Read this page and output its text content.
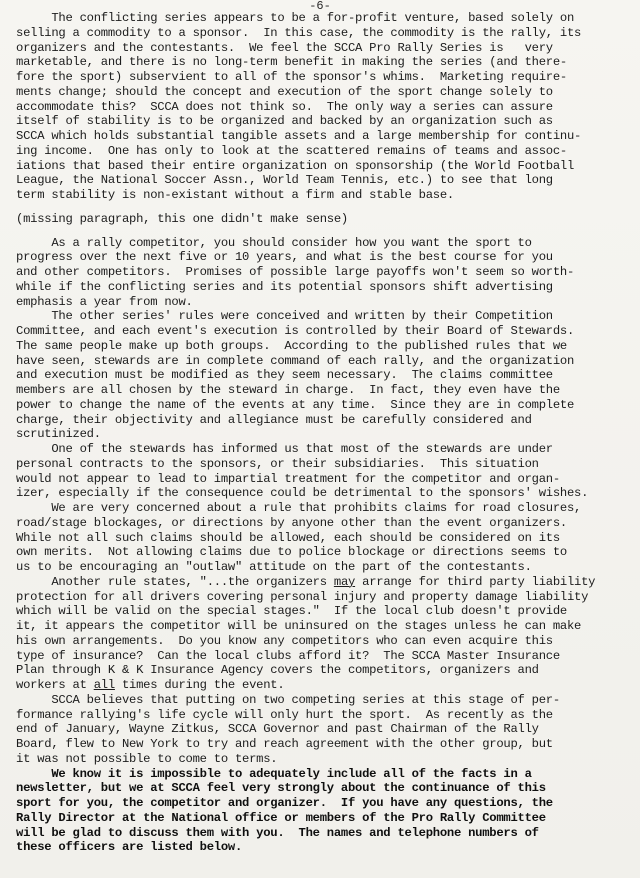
-6-
The conflicting series appears to be a for-profit venture, based solely on
selling a commodity to a sponsor.  In this case, the commodity is the rally, its
organizers and the contestants.  We feel the SCCA Pro Rally Series is   very
marketable, and there is no long-term benefit in making the series (and there-
fore the sport) subservient to all of the sponsor's whims.  Marketing require-
ments change; should the concept and execution of the sport change solely to
accommodate this?  SCCA does not think so.  The only way a series can assure
itself of stability is to be organized and backed by an organization such as
SCCA which holds substantial tangible assets and a large membership for continu-
ing income.  One has only to look at the scattered remains of teams and assoc-
iations that based their entire organization on sponsorship (the World Football
League, the National Soccer Assn., World Team Tennis, etc.) to see that long
term stability is non-existant without a firm and stable base.
(missing paragraph, this one didn't make sense)
As a rally competitor, you should consider how you want the sport to
progress over the next five or 10 years, and what is the best course for you
and other competitors.  Promises of possible large payoffs won't seem so worth-
while if the conflicting series and its potential sponsors shift advertising
emphasis a year from now.
The other series' rules were conceived and written by their Competition
Committee, and each event's execution is controlled by their Board of Stewards.
The same people make up both groups.  According to the published rules that we
have seen, stewards are in complete command of each rally, and the organization
and execution must be modified as they seem necessary.  The claims committee
members are all chosen by the steward in charge.  In fact, they even have the
power to change the name of the events at any time.  Since they are in complete
charge, their objectivity and allegiance must be carefully considered and
scrutinized.
One of the stewards has informed us that most of the stewards are under
personal contracts to the sponsors, or their subsidiaries.  This situation
would not appear to lead to impartial treatment for the competitor and organ-
izer, especially if the consequence could be detrimental to the sponsors' wishes.
We are very concerned about a rule that prohibits claims for road closures,
road/stage blockages, or directions by anyone other than the event organizers.
While not all such claims should be allowed, each should be considered on its
own merits.  Not allowing claims due to police blockage or directions seems to
us to be encouraging an "outlaw" attitude on the part of the contestants.
Another rule states, "...the organizers may arrange for third party liability
protection for all drivers covering personal injury and property damage liability
which will be valid on the special stages."  If the local club doesn't provide
it, it appears the competitor will be uninsured on the stages unless he can make
his own arrangements.  Do you know any competitors who can even acquire this
type of insurance?  Can the local clubs afford it?  The SCCA Master Insurance
Plan through K & K Insurance Agency covers the competitors, organizers and
workers at all times during the event.
SCCA believes that putting on two competing series at this stage of per-
formance rallying's life cycle will only hurt the sport.  As recently as the
end of January, Wayne Zitkus, SCCA Governor and past Chairman of the Rally
Board, flew to New York to try and reach agreement with the other group, but
it was not possible to come to terms.
We know it is impossible to adequately include all of the facts in a
newsletter, but we at SCCA feel very strongly about the continuance of this
sport for you, the competitor and organizer.  If you have any questions, the
Rally Director at the National office or members of the Pro Rally Committee
will be glad to discuss them with you.  The names and telephone numbers of
these officers are listed below.
